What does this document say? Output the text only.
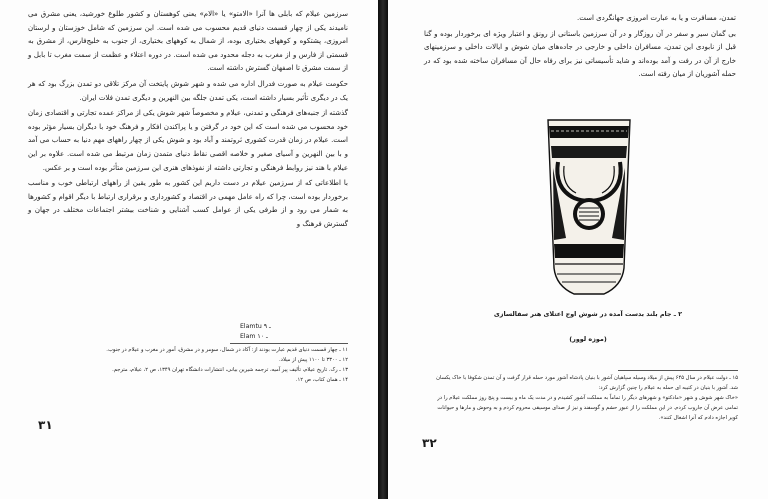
سرزمین عیلام که بابلی ها آنرا «الامتو» یا «الام» یعنی کوهستان و کشور طلوع خورشید، یعنی مشرق می نامیدند یکی از چهار قسمت دنیای قدیم محسوب می شده است. این سرزمین که شامل خوزستان و لرستان امروزی، پشتکوه و کوههای بختیاری بوده، از شمال به کوههای بختیاری، از جنوب به خلیج‌فارس، از مشرق به قسمتی از فارس و از مغرب به دجله محدود می شده است. در دوره اعتلاء و عظمت از سمت مغرب تا بابل و از سمت مشرق تا اصفهان گسترش داشته است.

حکومت عیلام به صورت فدرال اداره می شده و شهر شوش پایتخت آن مرکز تلاقی دو تمدن بزرگ بود که هر یک در دیگری تأثیر بسیار داشته است، یکی تمدن جلگه بین النهرین و دیگری تمدن فلات ایران.

گذشته از جنبه‌های فرهنگی و تمدنی، عیلام و مخصوصاً شهر شوش یکی از مراکز عمده تجارتی و اقتصادی زمان خود محسوب می شده است که این خود در گرفتن و یا پراکندن افکار و فرهنگ خود با دیگران بسیار مؤثر بوده است. عیلام در زمان قدرت کشوری ثروتمند و آباد بود و شوش یکی از چهار راههای مهم دنیا به حساب می آمد و با بین النهرین و آسیای صغیر و خلاصه اقصی نقاط دنیای متمدن زمان مرتبط می شده است. علاوه بر این عیلام با هند نیز روابط فرهنگی و تجارتی داشته از نفوذهای هنری این سرزمین متأثر بوده است و بر عکس.

با اطلاعاتی که از سرزمین عیلام در دست داریم این کشور به طور یقین از راههای ارتباطی خوب و مناسب برخوردار بوده است، چرا که راه عامل مهمی در اقتصاد و کشورداری و برقراری ارتباط با دیگر اقوام و کشورها به شمار می رود و از طرفی یکی از عوامل کسب آشنایی و شناخت بیشتر اجتماعات مختلف در جهان و گسترش فرهنگ و

Elamtu ـ ۹
Elam ـ ۱۰

۱۱ ـ چهار قسمت دنیای قدیم عبارت بودند از: آکاد در شمال، سومر و در مشرق، آمور در مغرب و عیلام در جنوب.

۱۲ ـ ۳۳۰۰ تا ۱۱۰۰ پیش از میلاد.

۱۳ ـ رک. تاریخ عیلام، تألیف پیر آمیه، ترجمه شیرین بیانی، انتشارات دانشگاه تهران ۱۳۴۹، ص ۲، عیلام، مترجم.

۱۴ ـ همان کتاب، ص ۱۲.

۳۱

تمدن، مسافرت و یا به عبارت امروزی جهانگردی است.

بی گمان سیر و سفر در آن روزگار و در آن سرزمین باستانی از رونق و اعتبار ویژه ای برخوردار بوده و گنا قبل از نابودی این تمدن، مسافران داخلی و خارجی در جاده‌های میان شوش و ایالات داخلی و سرزمینهای خارج از آن در رفت و آمد بوده‌اند و شاید تأسیساتی نیز برای رفاه حال آن مسافران ساخته شده بود که در حمله آشوریان از میان رفته است.

۲ ـ جام بلند بدست آمده در شوش اوج اعتلای هنر سفالسازی
(موزه لوور)

۱۵ ـ دولت عیلام در سال ۶۴۵ پیش از میلاد وسیله سپاهیان آشور با بنیان پادشاه آشور مورد حمله قرار گرفت و آن تمدن شکوفا با خاک یکسان شد. آشور با بنیان در کتیبه ای حمله به عیلام را چنین گزارش کرد:

«خاک شهر شوش و شهر «مادکتو» و شهرهای دیگر را تماماً به مملکت آشور کشیدم و در مدت یک ماه و بیست و پنج روز مملکت عیلام را در تمامی عرض آن جاروب کردم. در این مملکت را از عبور حشم و گوسفند و نیز از صدای موسیقی محروم کردم و به وحوش و مارها و حیوانات کویر اجازه دادم که آنرا اشغال کنند».

۳۲
